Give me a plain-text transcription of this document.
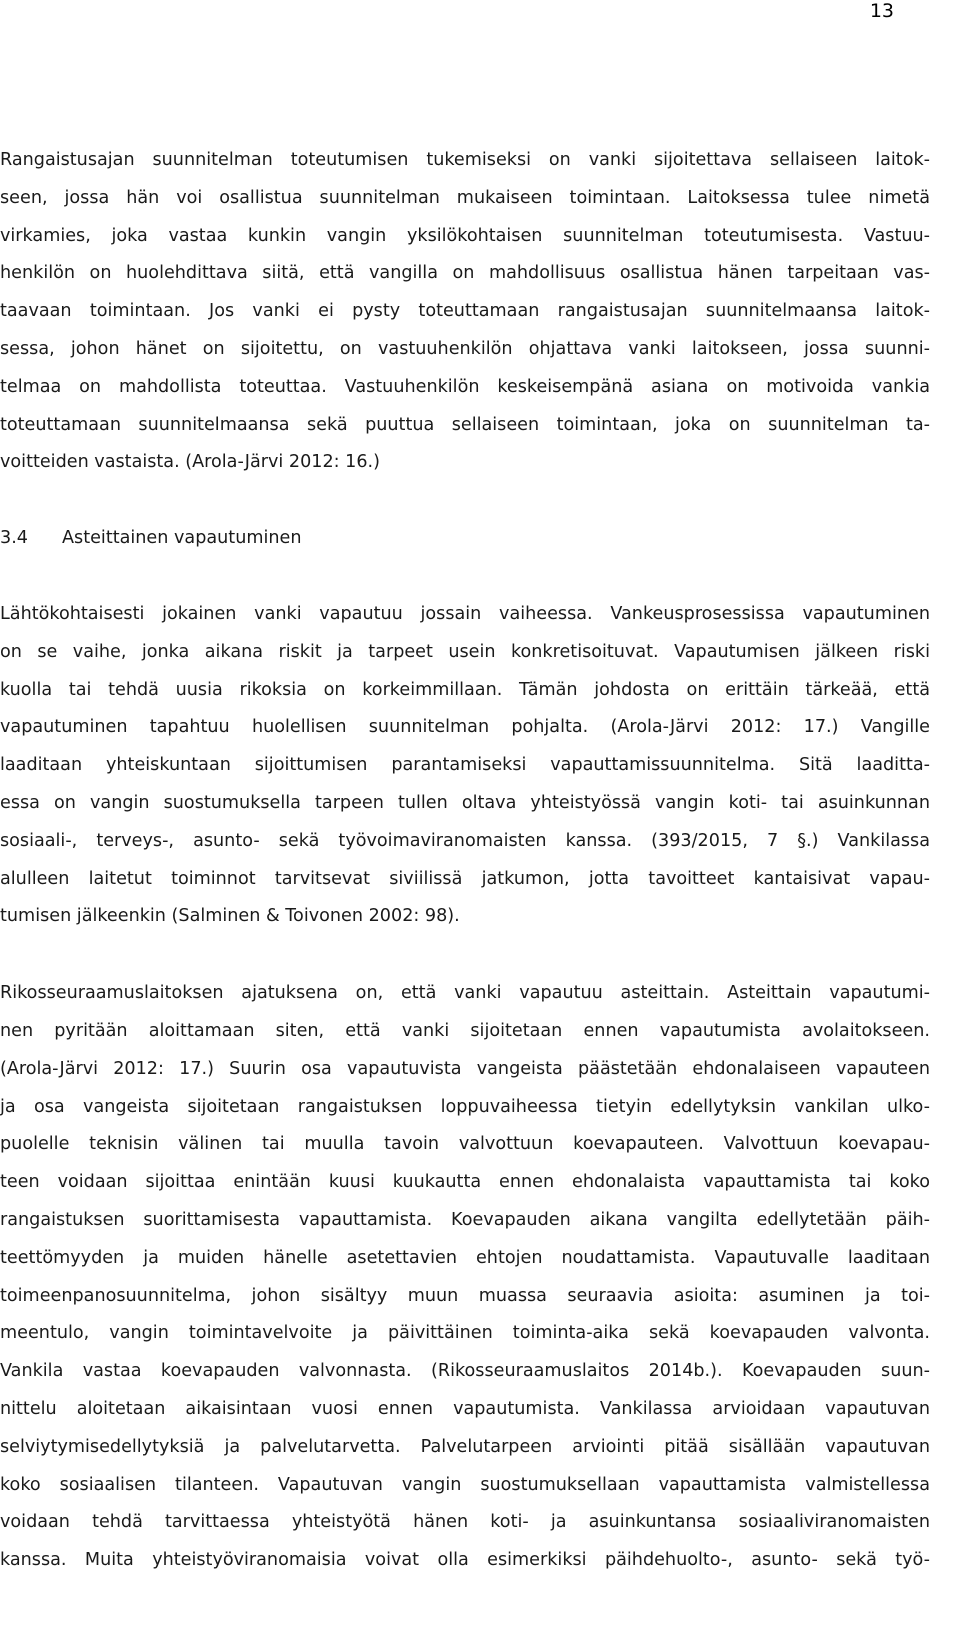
13
Rangaistusajan suunnitelman toteutumisen tukemiseksi on vanki sijoitettava sellaiseen laitok-
seen, jossa hän voi osallistua suunnitelman mukaiseen toimintaan. Laitoksessa tulee nimetä
virkamies, joka vastaa kunkin vangin yksilökohtaisen suunnitelman toteutumisesta. Vastuu-
henkilön on huolehdittava siitä, että vangilla on mahdollisuus osallistua hänen tarpeitaan vas-
taavaan toimintaan. Jos vanki ei pysty toteuttamaan rangaistusajan suunnitelmaansa laitok-
sessa, johon hänet on sijoitettu, on vastuuhenkilön ohjattava vanki laitokseen, jossa suunni-
telmaa on mahdollista toteuttaa. Vastuuhenkilön keskeisempänä asiana on motivoida vankia
toteuttamaan suunnitelmaansa sekä puuttua sellaiseen toimintaan, joka on suunnitelman ta-
voitteiden vastaista. (Arola-Järvi 2012: 16.)
3.4 Asteittainen vapautuminen
Lähtökohtaisesti jokainen vanki vapautuu jossain vaiheessa. Vankeusprosessissa vapautuminen
on se vaihe, jonka aikana riskit ja tarpeet usein konkretisoituvat. Vapautumisen jälkeen riski
kuolla tai tehdä uusia rikoksia on korkeimmillaan. Tämän johdosta on erittäin tärkeää, että
vapautuminen tapahtuu huolellisen suunnitelman pohjalta. (Arola-Järvi 2012: 17.) Vangille
laaditaan yhteiskuntaan sijoittumisen parantamiseksi vapauttamissuunnitelma. Sitä laaditta-
essa on vangin suostumuksella tarpeen tullen oltava yhteistyössä vangin koti- tai asuinkunnan
sosiaali-, terveys-, asunto- sekä työvoimaviranomaisten kanssa. (393/2015, 7 §.) Vankilassa
alulleen laitetut toiminnot tarvitsevat siviilissä jatkumon, jotta tavoitteet kantaisivat vapau-
tumisen jälkeenkin (Salminen & Toivonen 2002: 98).
Rikosseuraamuslaitoksen ajatuksena on, että vanki vapautuu asteittain. Asteittain vapautumi-
nen pyritään aloittamaan siten, että vanki sijoitetaan ennen vapautumista avolaitokseen.
(Arola-Järvi 2012: 17.) Suurin osa vapautuvista vangeista päästetään ehdonalaiseen vapauteen
ja osa vangeista sijoitetaan rangaistuksen loppuvaiheessa tietyin edellytyksin vankilan ulko-
puolelle teknisin välinen tai muulla tavoin valvottuun koevapauteen. Valvottuun koevapau-
teen voidaan sijoittaa enintään kuusi kuukautta ennen ehdonalaista vapauttamista tai koko
rangaistuksen suorittamisesta vapauttamista. Koevapauden aikana vangilta edellytetään päih-
teettömyyden ja muiden hänelle asetettavien ehtojen noudattamista. Vapautuvalle laaditaan
toimeenpanosuunnitelma, johon sisältyy muun muassa seuraavia asioita: asuminen ja toi-
meentulo, vangin toimintavelvoite ja päivittäinen toiminta-aika sekä koevapauden valvonta.
Vankila vastaa koevapauden valvonnasta. (Rikosseuraamuslaitos 2014b.). Koevapauden suun-
nittelu aloitetaan aikaisintaan vuosi ennen vapautumista. Vankilassa arvioidaan vapautuvan
selviytymisedellytyksiä ja palvelutarvetta. Palvelutarpeen arviointi pitää sisällään vapautuvan
koko sosiaalisen tilanteen. Vapautuvan vangin suostumuksellaan vapauttamista valmistellessa
voidaan tehdä tarvittaessa yhteistyötä hänen koti- ja asuinkuntansa sosiaaliviranomaisten
kanssa. Muita yhteistyöviranomaisia voivat olla esimerkiksi päihdehuolto-, asunto- sekä työ-
